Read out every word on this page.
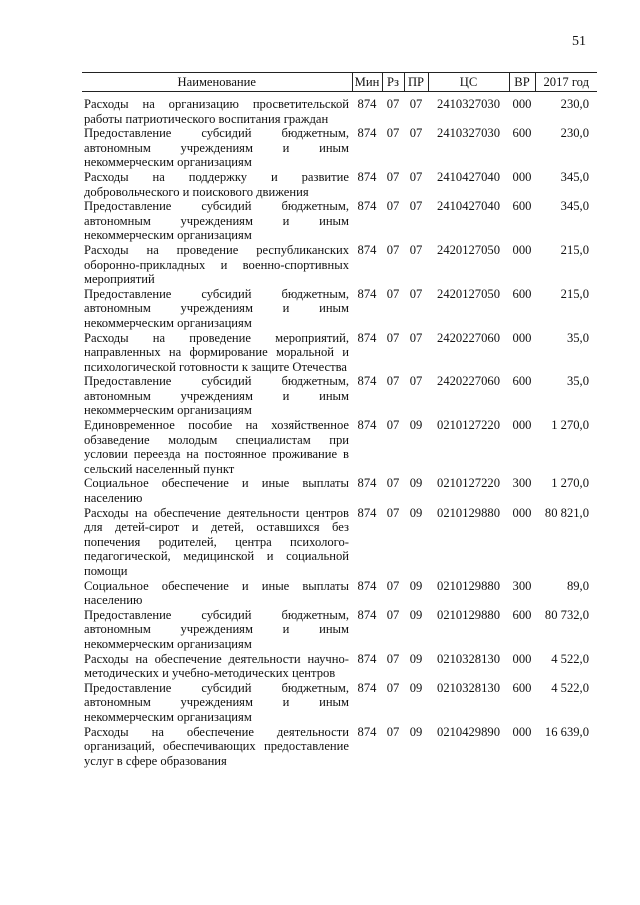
51
Наименование	Мин	Рз	ПР	ЦС	ВР	2017 год

Расходы на организацию просветительской работы патриотического воспитания граждан	874	07	07	2410327030	000	230,0
Предоставление субсидий бюджетным, автономным учреждениям и иным некоммерческим организациям	874	07	07	2410327030	600	230,0
Расходы на поддержку и развитие добровольческого и поискового движения	874	07	07	2410427040	000	345,0
Предоставление субсидий бюджетным, автономным учреждениям и иным некоммерческим организациям	874	07	07	2410427040	600	345,0
Расходы на проведение республиканских оборонно-прикладных и военно-спортивных мероприятий	874	07	07	2420127050	000	215,0
Предоставление субсидий бюджетным, автономным учреждениям и иным некоммерческим организациям	874	07	07	2420127050	600	215,0
Расходы на проведение мероприятий, направленных на формирование моральной и психологической готовности к защите Отечества	874	07	07	2420227060	000	35,0
Предоставление субсидий бюджетным, автономным учреждениям и иным некоммерческим организациям	874	07	07	2420227060	600	35,0
Единовременное пособие на хозяйственное обзаведение молодым специалистам при условии переезда на постоянное проживание в сельский населенный пункт	874	07	09	0210127220	000	1 270,0
Социальное обеспечение и иные выплаты населению	874	07	09	0210127220	300	1 270,0
Расходы на обеспечение деятельности центров для детей-сирот и детей, оставшихся без попечения родителей, центра психолого-педагогической, медицинской и социальной помощи	874	07	09	0210129880	000	80 821,0
Социальное обеспечение и иные выплаты населению	874	07	09	0210129880	300	89,0
Предоставление субсидий бюджетным, автономным учреждениям и иным некоммерческим организациям	874	07	09	0210129880	600	80 732,0
Расходы на обеспечение деятельности научно-методических и учебно-методических центров	874	07	09	0210328130	000	4 522,0
Предоставление субсидий бюджетным, автономным учреждениям и иным некоммерческим организациям	874	07	09	0210328130	600	4 522,0
Расходы на обеспечение деятельности организаций, обеспечивающих предоставление услуг в сфере образования	874	07	09	0210429890	000	16 639,0
